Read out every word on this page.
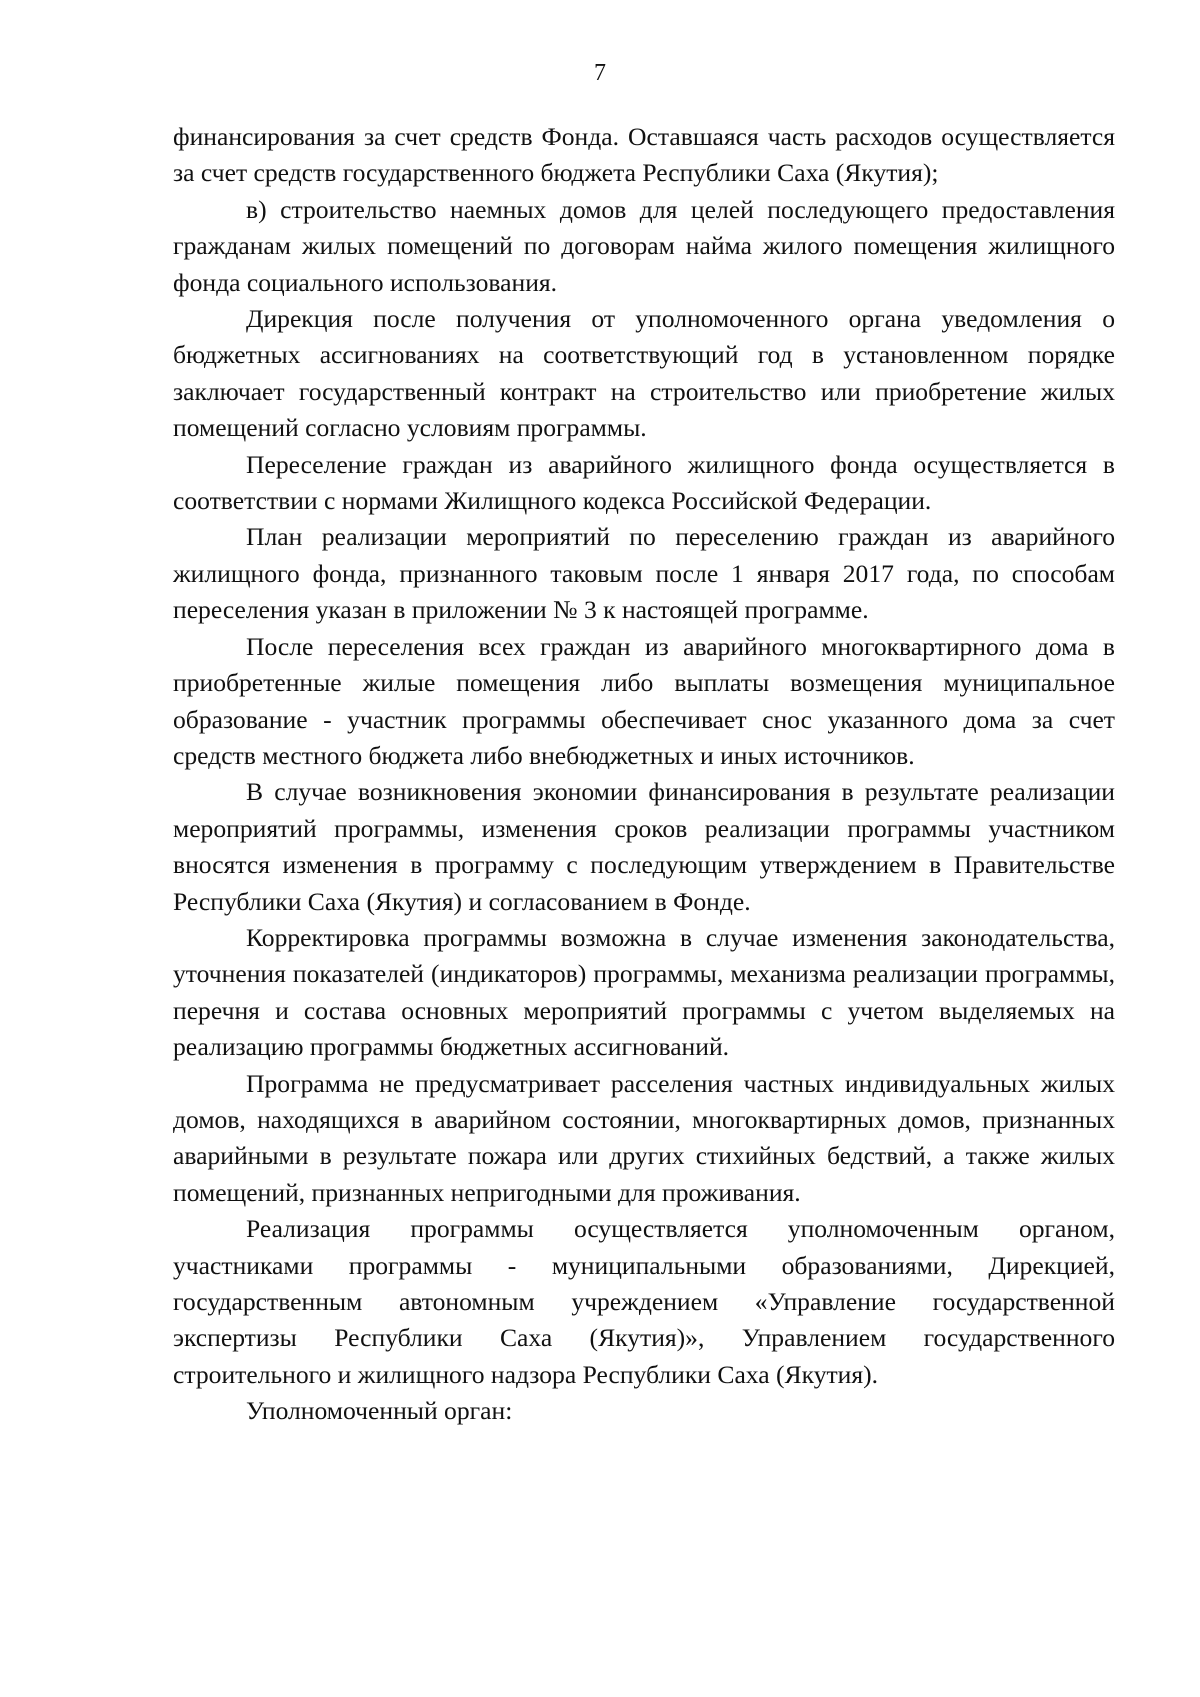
7

финансирования за счет средств Фонда. Оставшаяся часть расходов осуществляется за счет средств государственного бюджета Республики Саха (Якутия);

в) строительство наемных домов для целей последующего предоставления гражданам жилых помещений по договорам найма жилого помещения жилищного фонда социального использования.

Дирекция после получения от уполномоченного органа уведомления о бюджетных ассигнованиях на соответствующий год в установленном порядке заключает государственный контракт на строительство или приобретение жилых помещений согласно условиям программы.

Переселение граждан из аварийного жилищного фонда осуществляется в соответствии с нормами Жилищного кодекса Российской Федерации.

План реализации мероприятий по переселению граждан из аварийного жилищного фонда, признанного таковым после 1 января 2017 года, по способам переселения указан в приложении № 3 к настоящей программе.

После переселения всех граждан из аварийного многоквартирного дома в приобретенные жилые помещения либо выплаты возмещения муниципальное образование - участник программы обеспечивает снос указанного дома за счет средств местного бюджета либо внебюджетных и иных источников.

В случае возникновения экономии финансирования в результате реализации мероприятий программы, изменения сроков реализации программы участником вносятся изменения в программу с последующим утверждением в Правительстве Республики Саха (Якутия) и согласованием в Фонде.

Корректировка программы возможна в случае изменения законодательства, уточнения показателей (индикаторов) программы, механизма реализации программы, перечня и состава основных мероприятий программы с учетом выделяемых на реализацию программы бюджетных ассигнований.

Программа не предусматривает расселения частных индивидуальных жилых домов, находящихся в аварийном состоянии, многоквартирных домов, признанных аварийными в результате пожара или других стихийных бедствий, а также жилых помещений, признанных непригодными для проживания.

Реализация программы осуществляется уполномоченным органом, участниками программы - муниципальными образованиями, Дирекцией, государственным автономным учреждением «Управление государственной экспертизы Республики Саха (Якутия)», Управлением государственного строительного и жилищного надзора Республики Саха (Якутия).

Уполномоченный орган:
